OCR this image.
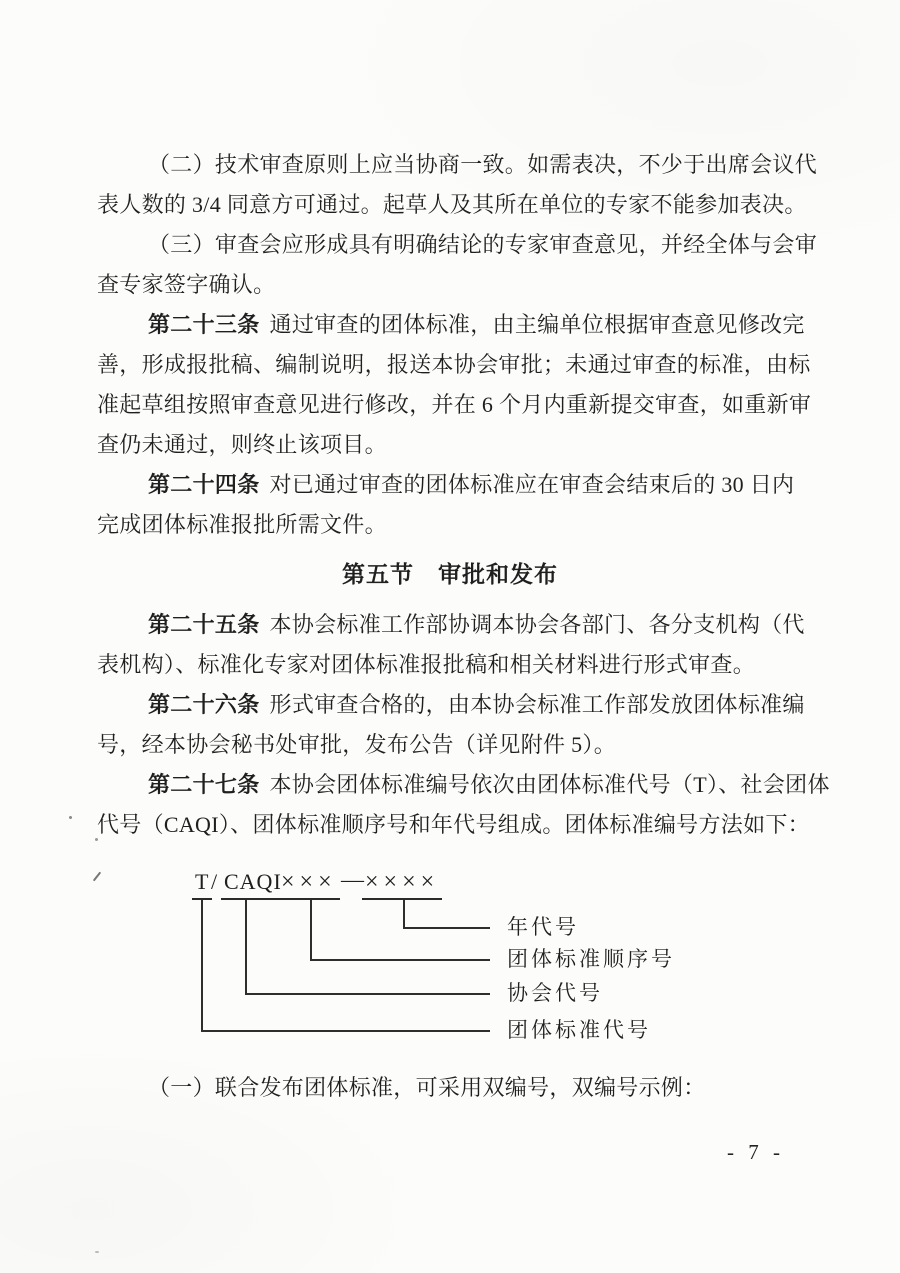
（二）技术审查原则上应当协商一致。如需表决，不少于出席会议代
表人数的 3/4 同意方可通过。起草人及其所在单位的专家不能参加表决。
（三）审查会应形成具有明确结论的专家审查意见，并经全体与会审
查专家签字确认。
第二十三条 通过审查的团体标准，由主编单位根据审查意见修改完
善，形成报批稿、编制说明，报送本协会审批；未通过审查的标准，由标
准起草组按照审查意见进行修改，并在 6 个月内重新提交审查，如重新审
查仍未通过，则终止该项目。
第二十四条 对已通过审查的团体标准应在审查会结束后的 30 日内
完成团体标准报批所需文件。
第五节　审批和发布
第二十五条 本协会标准工作部协调本协会各部门、各分支机构（代
表机构）、标准化专家对团体标准报批稿和相关材料进行形式审查。
第二十六条 形式审查合格的，由本协会标准工作部发放团体标准编
号，经本协会秘书处审批，发布公告（详见附件 5）。
第二十七条 本协会团体标准编号依次由团体标准代号（T）、社会团体
代号（CAQI）、团体标准顺序号和年代号组成。团体标准编号方法如下：
T / CAQI ××× — ××××
年代号
团体标准顺序号
协会代号
团体标准代号
（一）联合发布团体标准，可采用双编号，双编号示例：
- 7 -
